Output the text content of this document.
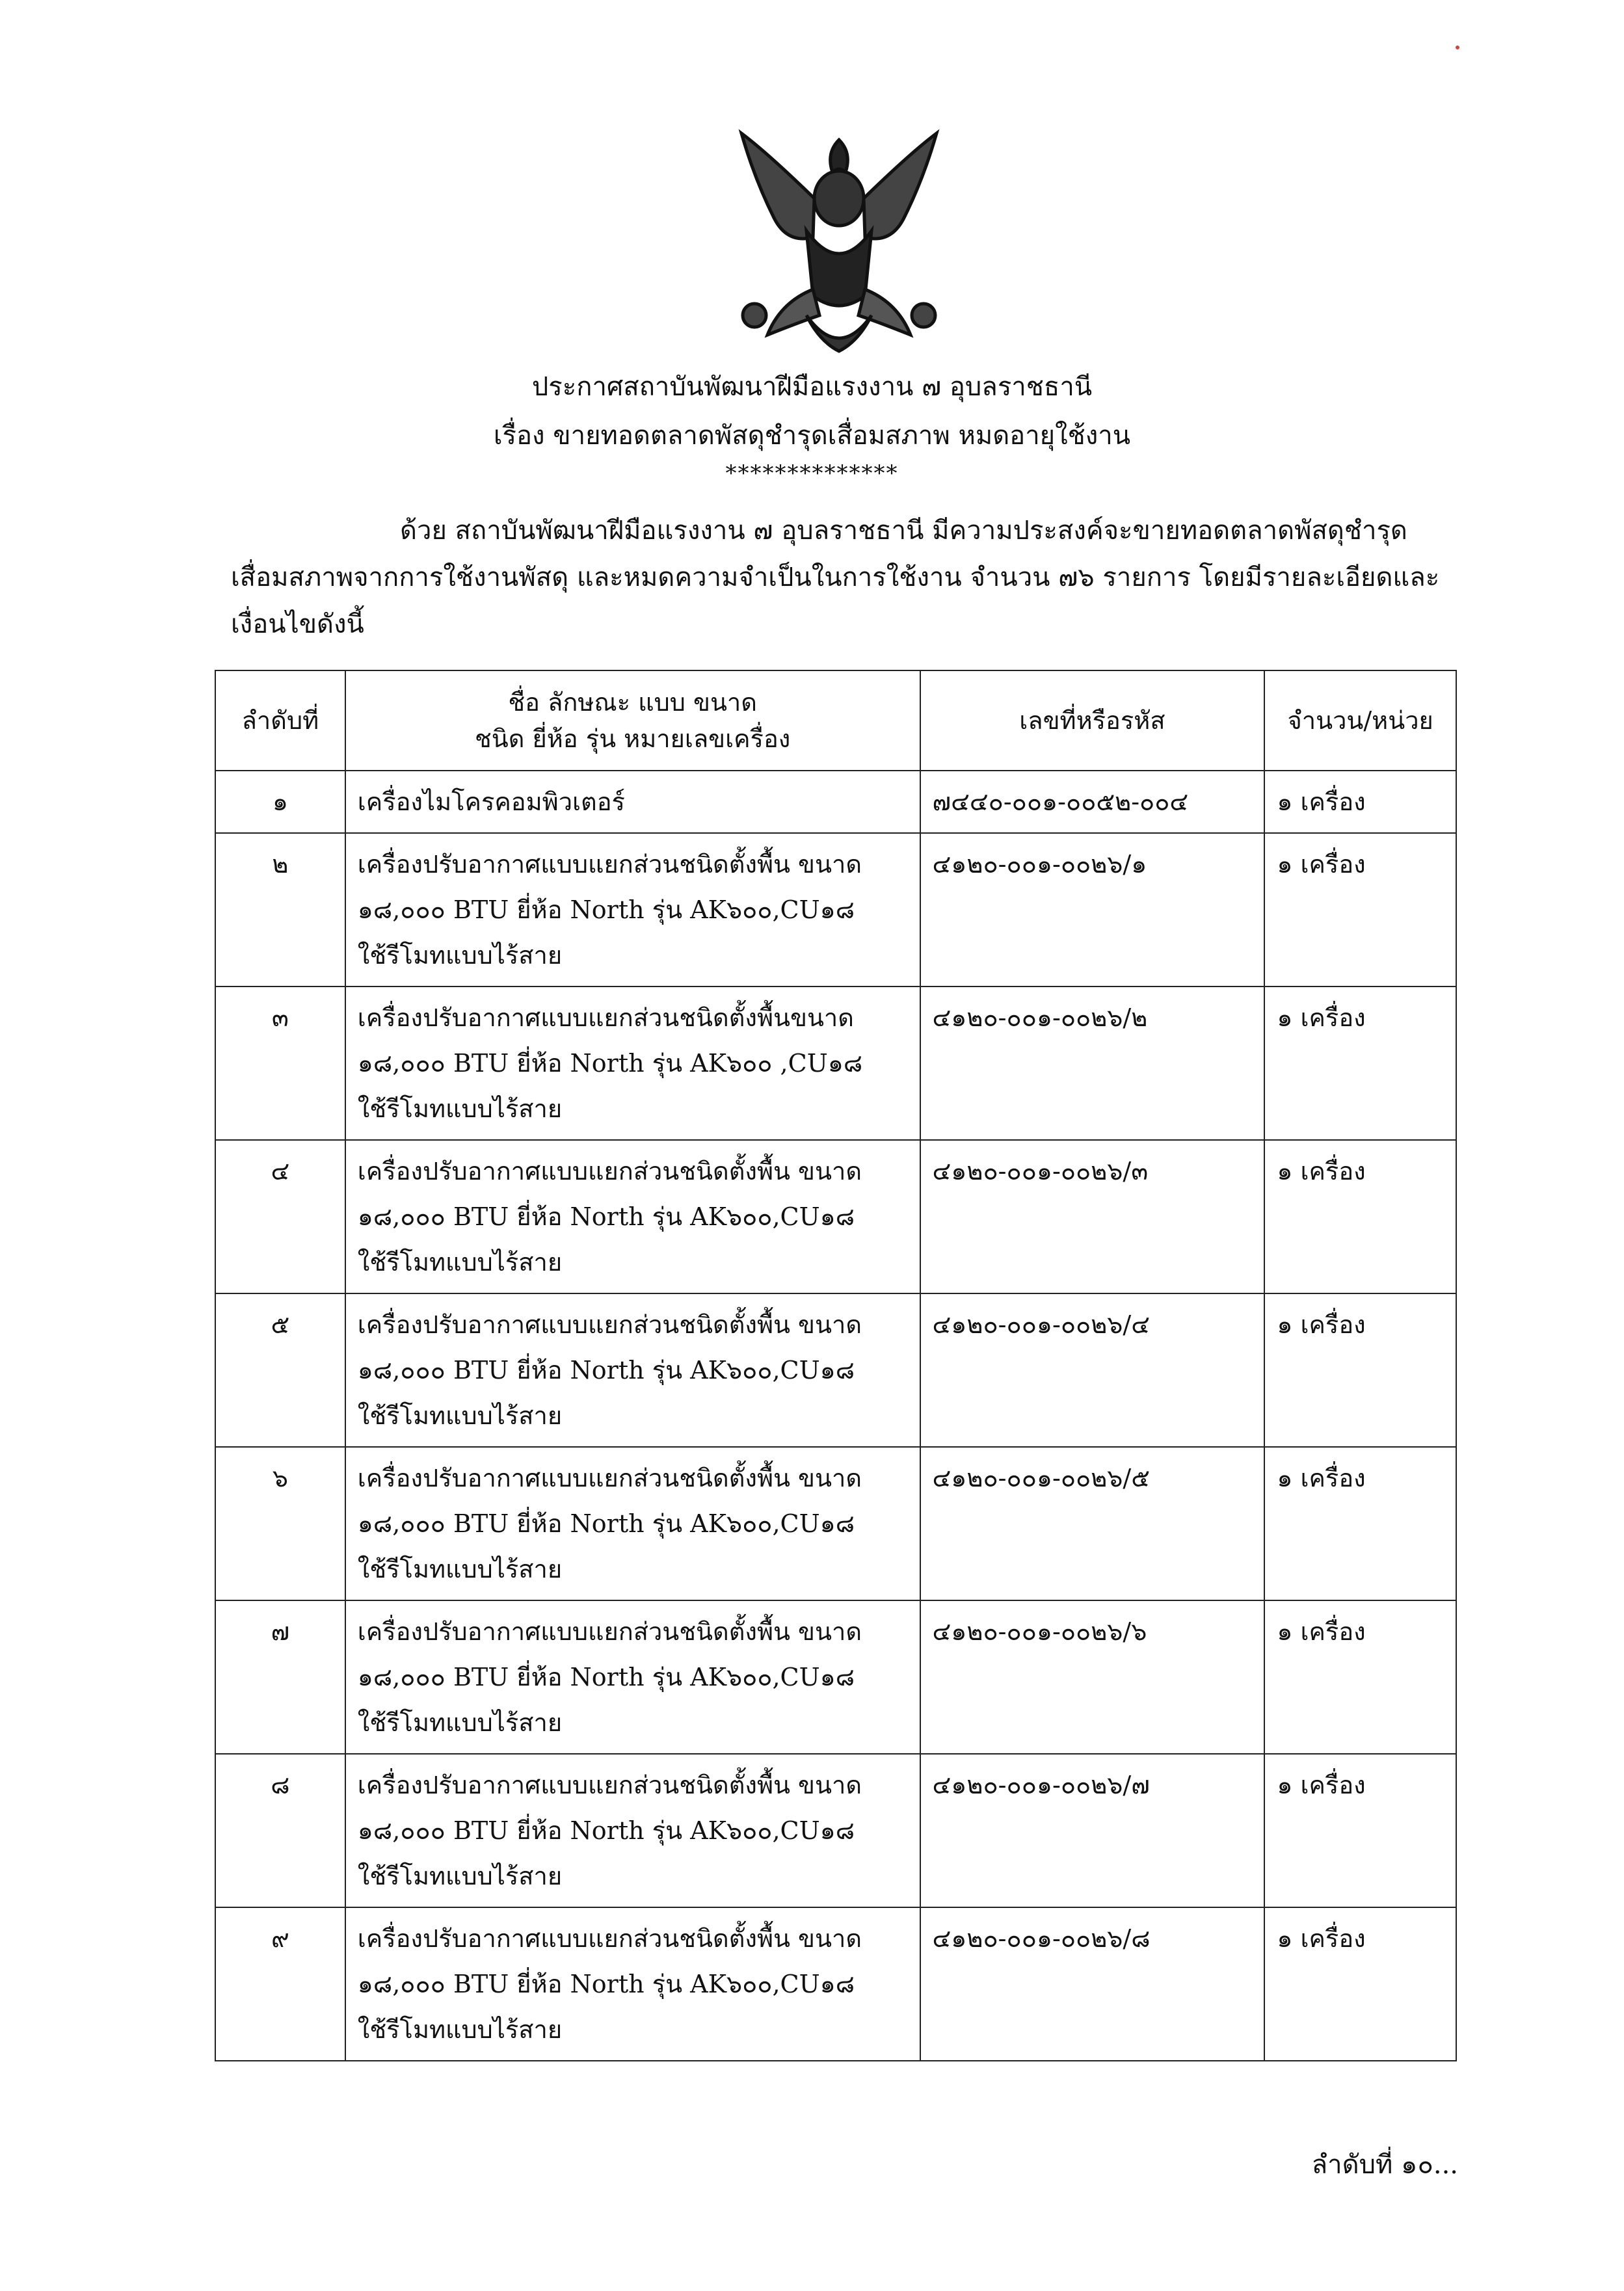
ประกาศสถาบันพัฒนาฝีมือแรงงาน ๗ อุบลราชธานี
เรื่อง ขายทอดตลาดพัสดุชำรุดเสื่อมสภาพ หมดอายุใช้งาน
**************
ด้วย สถาบันพัฒนาฝีมือแรงงาน ๗ อุบลราชธานี มีความประสงค์จะขายทอดตลาดพัสดุชำรุด
เสื่อมสภาพจากการใช้งานพัสดุ และหมดความจำเป็นในการใช้งาน จำนวน ๗๖ รายการ โดยมีรายละเอียดและ
เงื่อนไขดังนี้
ลำดับที่	ชื่อ ลักษณะ แบบ ขนาด
ชนิด ยี่ห้อ รุ่น หมายเลขเครื่อง	เลขที่หรือรหัส	จำนวน/หน่วย
๑	เครื่องไมโครคอมพิวเตอร์	๗๔๔๐-๐๐๑-๐๐๕๒-๐๐๔	๑ เครื่อง
๒	เครื่องปรับอากาศแบบแยกส่วนชนิดตั้งพื้น ขนาด
๑๘,๐๐๐ BTU ยี่ห้อ North รุ่น AK๖๐๐,CU๑๘
ใช้รีโมทแบบไร้สาย	๔๑๒๐-๐๐๑-๐๐๒๖/๑	๑ เครื่อง
๓	เครื่องปรับอากาศแบบแยกส่วนชนิดตั้งพื้นขนาด
๑๘,๐๐๐ BTU ยี่ห้อ North รุ่น AK๖๐๐ ,CU๑๘
ใช้รีโมทแบบไร้สาย	๔๑๒๐-๐๐๑-๐๐๒๖/๒	๑ เครื่อง
๔	เครื่องปรับอากาศแบบแยกส่วนชนิดตั้งพื้น ขนาด
๑๘,๐๐๐ BTU ยี่ห้อ North รุ่น AK๖๐๐,CU๑๘
ใช้รีโมทแบบไร้สาย	๔๑๒๐-๐๐๑-๐๐๒๖/๓	๑ เครื่อง
๕	เครื่องปรับอากาศแบบแยกส่วนชนิดตั้งพื้น ขนาด
๑๘,๐๐๐ BTU ยี่ห้อ North รุ่น AK๖๐๐,CU๑๘
ใช้รีโมทแบบไร้สาย	๔๑๒๐-๐๐๑-๐๐๒๖/๔	๑ เครื่อง
๖	เครื่องปรับอากาศแบบแยกส่วนชนิดตั้งพื้น ขนาด
๑๘,๐๐๐ BTU ยี่ห้อ North รุ่น AK๖๐๐,CU๑๘
ใช้รีโมทแบบไร้สาย	๔๑๒๐-๐๐๑-๐๐๒๖/๕	๑ เครื่อง
๗	เครื่องปรับอากาศแบบแยกส่วนชนิดตั้งพื้น ขนาด
๑๘,๐๐๐ BTU ยี่ห้อ North รุ่น AK๖๐๐,CU๑๘
ใช้รีโมทแบบไร้สาย	๔๑๒๐-๐๐๑-๐๐๒๖/๖	๑ เครื่อง
๘	เครื่องปรับอากาศแบบแยกส่วนชนิดตั้งพื้น ขนาด
๑๘,๐๐๐ BTU ยี่ห้อ North รุ่น AK๖๐๐,CU๑๘
ใช้รีโมทแบบไร้สาย	๔๑๒๐-๐๐๑-๐๐๒๖/๗	๑ เครื่อง
๙	เครื่องปรับอากาศแบบแยกส่วนชนิดตั้งพื้น ขนาด
๑๘,๐๐๐ BTU ยี่ห้อ North รุ่น AK๖๐๐,CU๑๘
ใช้รีโมทแบบไร้สาย	๔๑๒๐-๐๐๑-๐๐๒๖/๘	๑ เครื่อง
ลำดับที่ ๑๐...
